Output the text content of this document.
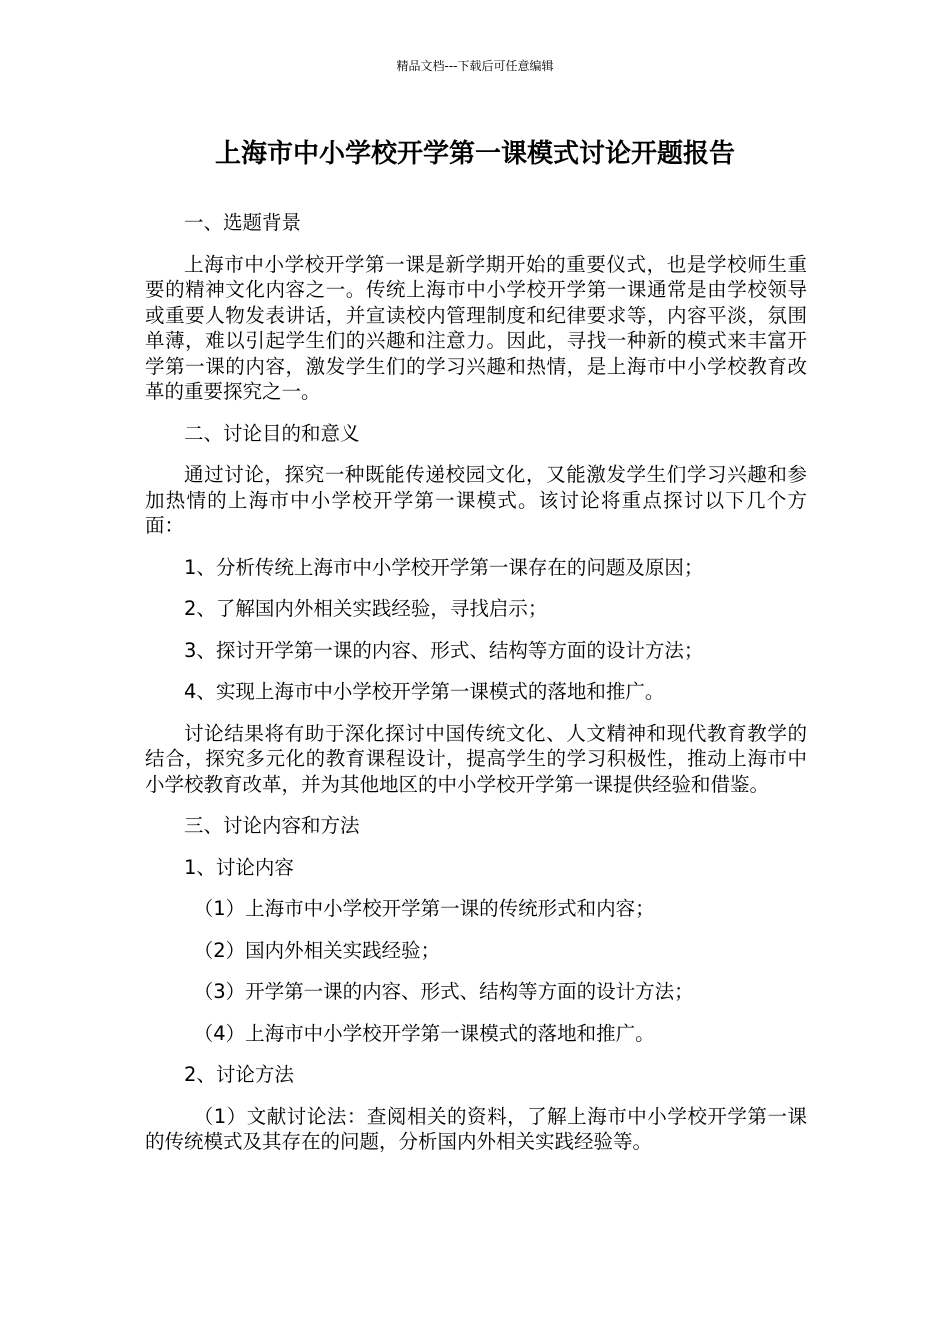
精品文档---下载后可任意编辑
上海市中小学校开学第一课模式讨论开题报告

一、选题背景

上海市中小学校开学第一课是新学期开始的重要仪式，也是学校师生重要的精神文化内容之一。传统上海市中小学校开学第一课通常是由学校领导或重要人物发表讲话，并宣读校内管理制度和纪律要求等，内容平淡，氛围单薄，难以引起学生们的兴趣和注意力。因此，寻找一种新的模式来丰富开学第一课的内容，激发学生们的学习兴趣和热情，是上海市中小学校教育改革的重要探究之一。

二、讨论目的和意义

通过讨论，探究一种既能传递校园文化，又能激发学生们学习兴趣和参加热情的上海市中小学校开学第一课模式。该讨论将重点探讨以下几个方面：

1、分析传统上海市中小学校开学第一课存在的问题及原因；

2、了解国内外相关实践经验，寻找启示；

3、探讨开学第一课的内容、形式、结构等方面的设计方法；

4、实现上海市中小学校开学第一课模式的落地和推广。

讨论结果将有助于深化探讨中国传统文化、人文精神和现代教育教学的结合，探究多元化的教育课程设计，提高学生的学习积极性，推动上海市中小学校教育改革，并为其他地区的中小学校开学第一课提供经验和借鉴。

三、讨论内容和方法

1、讨论内容

（1）上海市中小学校开学第一课的传统形式和内容；

（2）国内外相关实践经验；

（3）开学第一课的内容、形式、结构等方面的设计方法；

（4）上海市中小学校开学第一课模式的落地和推广。

2、讨论方法

（1）文献讨论法：查阅相关的资料，了解上海市中小学校开学第一课的传统模式及其存在的问题，分析国内外相关实践经验等。
